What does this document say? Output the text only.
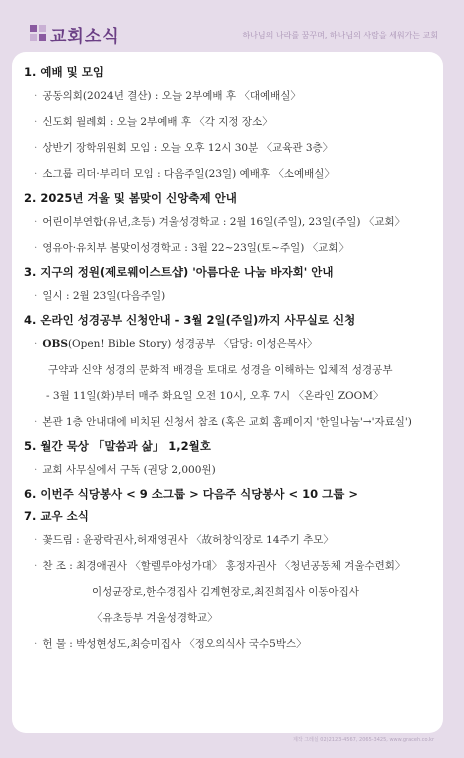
교회소식	하나님의 나라를 꿈꾸며, 하나님의 사람을 세워가는 교회
1. 예배 및 모임
· 공동의회(2024년 결산) : 오늘 2부예배 후 〈대예배실〉
· 신도회 월례회 : 오늘 2부예배 후 〈각 지정 장소〉
· 상반기 장학위원회 모임 : 오늘 오후 12시 30분 〈교육관 3층〉
· 소그룹 리더·부리더 모임 : 다음주일(23일) 예배후 〈소예배실〉
2. 2025년 겨울 및 봄맞이 신앙축제 안내
· 어린이부연합(유년,초등) 겨울성경학교 : 2월 16일(주일), 23일(주일) 〈교회〉
· 영유아·유치부 봄맞이성경학교 : 3월 22~23일(토~주일) 〈교회〉
3. 지구의 정원(제로웨이스트샵) '아름다운 나눔 바자회' 안내
· 일시 : 2월 23일(다음주일)
4. 온라인 성경공부 신청안내 - 3월 2일(주일)까지 사무실로 신청
· OBS(Open! Bible Story) 성경공부 〈담당: 이성은목사〉
구약과 신약 성경의 문화적 배경을 토대로 성경을 이해하는 입체적 성경공부
- 3월 11일(화)부터 매주 화요일 오전 10시, 오후 7시 〈온라인 ZOOM〉
· 본관 1층 안내대에 비치된 신청서 참조 (혹은 교회 홈페이지 '한일나눔'→'자료실')
5. 월간 묵상 「말씀과 삶」 1,2월호
· 교회 사무실에서 구독 (권당 2,000원)
6. 이번주 식당봉사 < 9 소그룹 > 다음주 식당봉사 < 10 그룹 >
7. 교우 소식
· 꽃드림 : 윤광락권사,허재영권사 〈故허창익장로 14주기 추모〉
· 찬 조 : 최경애권사 〈할렐루야성가대〉 홍정자권사 〈청년공동체 겨울수련회〉
이성균장로,한수경집사 김계현장로,최진희집사 이동아집사
〈유초등부 겨울성경학교〉
· 헌 물 : 박성현성도,최승미집사 〈정오의식사 국수5박스〉
제작 그레실 02)2123-4567, 2065-3425, www.graceh.co.kr
